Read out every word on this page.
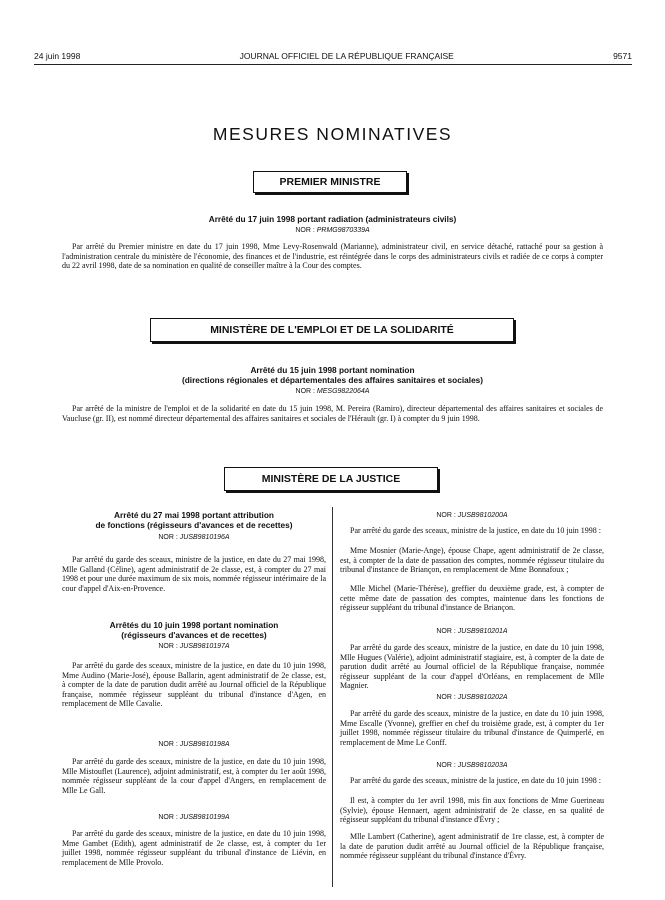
24 juin 1998	JOURNAL OFFICIEL DE LA RÉPUBLIQUE FRANÇAISE	9571
MESURES NOMINATIVES
PREMIER MINISTRE
Arrêté du 17 juin 1998 portant radiation (administrateurs civils)
NOR : PRMG9870339A

Par arrêté du Premier ministre en date du 17 juin 1998, Mme Levy-Rosenwald (Marianne), administrateur civil, en service détaché, rattaché pour sa gestion à l'administration centrale du ministère de l'économie, des finances et de l'industrie, est réintégrée dans le corps des administrateurs civils et radiée de ce corps à compter du 22 avril 1998, date de sa nomination en qualité de conseiller maître à la Cour des comptes.

MINISTÈRE DE L'EMPLOI ET DE LA SOLIDARITÉ
Arrêté du 15 juin 1998 portant nomination
(directions régionales et départementales des affaires sanitaires et sociales)
NOR : MESG9822064A

Par arrêté de la ministre de l'emploi et de la solidarité en date du 15 juin 1998, M. Pereira (Ramiro), directeur départemental des affaires sanitaires et sociales de Vaucluse (gr. II), est nommé directeur départemental des affaires sanitaires et sociales de l'Hérault (gr. I) à compter du 9 juin 1998.

MINISTÈRE DE LA JUSTICE
Arrêté du 27 mai 1998 portant attribution
de fonctions (régisseurs d'avances et de recettes)
NOR : JUSB9810196A

Par arrêté du garde des sceaux, ministre de la justice, en date du 27 mai 1998, Mlle Galland (Céline), agent administratif de 2e classe, est, à compter du 27 mai 1998 et pour une durée maximum de six mois, nommée régisseur intérimaire de la cour d'appel d'Aix-en-Provence.

Arrêtés du 10 juin 1998 portant nomination
(régisseurs d'avances et de recettes)
NOR : JUSB9810197A

Par arrêté du garde des sceaux, ministre de la justice, en date du 10 juin 1998, Mme Audino (Marie-José), épouse Ballarin, agent administratif de 2e classe, est, à compter de la date de parution dudit arrêté au Journal officiel de la République française, nommée régisseur suppléant du tribunal d'instance d'Agen, en remplacement de Mlle Cavalie.

NOR : JUSB9810198A

Par arrêté du garde des sceaux, ministre de la justice, en date du 10 juin 1998, Mlle Mistouflet (Laurence), adjoint administratif, est, à compter du 1er août 1998, nommée régisseur suppléant de la cour d'appel d'Angers, en remplacement de Mlle Le Gall.

NOR : JUSB9810199A

Par arrêté du garde des sceaux, ministre de la justice, en date du 10 juin 1998, Mme Gambet (Edith), agent administratif de 2e classe, est, à compter du 1er juillet 1998, nommée régisseur suppléant du tribunal d'instance de Liévin, en remplacement de Mlle Provolo.

NOR : JUSB9810200A

Par arrêté du garde des sceaux, ministre de la justice, en date du 10 juin 1998 :

Mme Mosnier (Marie-Ange), épouse Chape, agent administratif de 2e classe, est, à compter de la date de passation des comptes, nommée régisseur titulaire du tribunal d'instance de Briançon, en remplacement de Mme Bonnafoux ;

Mlle Michel (Marie-Thérèse), greffier du deuxième grade, est, à compter de cette même date de passation des comptes, maintenue dans les fonctions de régisseur suppléant du tribunal d'instance de Briançon.

NOR : JUSB9810201A

Par arrêté du garde des sceaux, ministre de la justice, en date du 10 juin 1998, Mlle Hugues (Valérie), adjoint administratif stagiaire, est, à compter de la date de parution dudit arrêté au Journal officiel de la République française, nommée régisseur suppléant de la cour d'appel d'Orléans, en remplacement de Mlle Magnier.

NOR : JUSB9810202A

Par arrêté du garde des sceaux, ministre de la justice, en date du 10 juin 1998, Mme Escalle (Yvonne), greffier en chef du troisième grade, est, à compter du 1er juillet 1998, nommée régisseur titulaire du tribunal d'instance de Quimperlé, en remplacement de Mme Le Conff.

NOR : JUSB9810203A

Par arrêté du garde des sceaux, ministre de la justice, en date du 10 juin 1998 :

Il est, à compter du 1er avril 1998, mis fin aux fonctions de Mme Guerineau (Sylvie), épouse Hennaert, agent administratif de 2e classe, en sa qualité de régisseur suppléant du tribunal d'instance d'Évry ;

Mlle Lambert (Catherine), agent administratif de 1re classe, est, à compter de la date de parution dudit arrêté au Journal officiel de la République française, nommée régisseur suppléant du tribunal d'instance d'Évry.
